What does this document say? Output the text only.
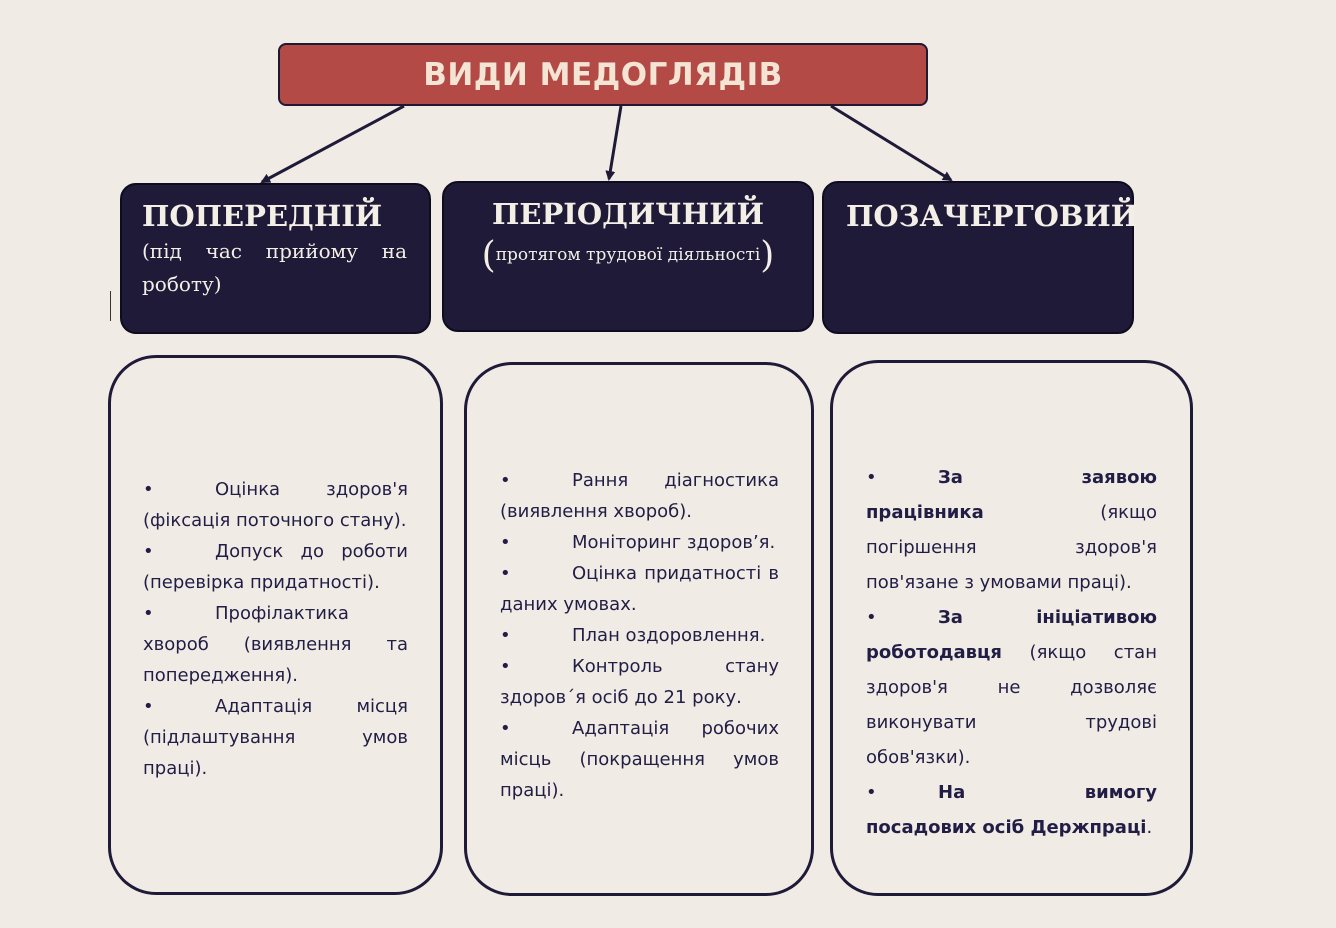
ВИДИ МЕДОГЛЯДІВ
ПОПЕРЕДНІЙ
(під час прийому на
роботу)
ПЕРІОДИЧНИЙ
(протягом трудової діяльності)
ПОЗАЧЕРГОВИЙ
•	Оцінка здоров'я (фіксація поточного стану).
•	Допуск до роботи (перевірка придатності).
•	Профілактика хвороб (виявлення та попередження).
•	Адаптація місця (підлаштування умов праці).
•	Рання діагностика (виявлення хвороб).
•	Моніторинг здоров’я.
•	Оцінка придатності в даних умовах.
•	План оздоровлення.
•	Контроль стану здоров΄я осіб до 21 року.
•	Адаптація робочих місць (покращення умов праці).
•	За заявою працівника (якщо погіршення здоров'я пов'язане з умовами праці).
•	За ініціативою роботодавця (якщо стан здоров'я не дозволяє виконувати трудові обов'язки).
•	На вимогу посадових осіб Держпраці.
